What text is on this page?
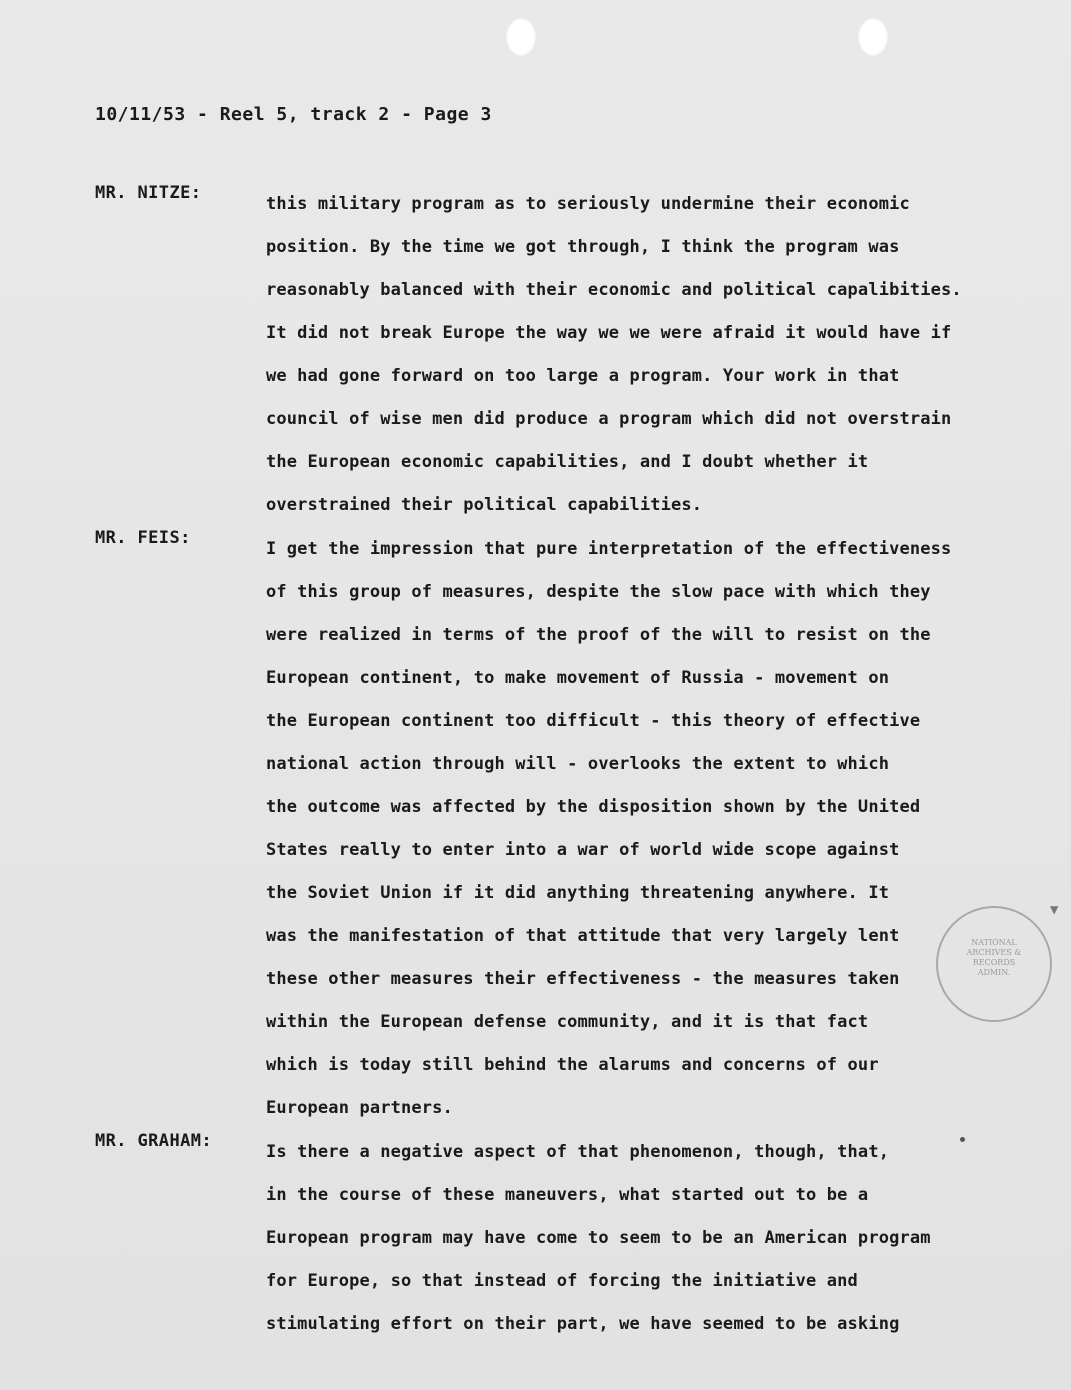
10/11/53 - Reel 5, track 2 - Page 3
MR. NITZE:
this military program as to seriously undermine their economic
position. By the time we got through, I think the program was
reasonably balanced with their economic and political capalibities.
It did not break Europe the way we we were afraid it would have if
we had gone forward on too large a program. Your work in that
council of wise men did produce a program which did not overstrain
the European economic capabilities, and I doubt whether it
overstrained their political capabilities.
MR. FEIS:
I get the impression that pure interpretation of the effectiveness
of this group of measures, despite the slow pace with which they
were realized in terms of the proof of the will to resist on the
European continent, to make movement of Russia - movement on
the European continent too difficult - this theory of effective
national action through will - overlooks the extent to which
the outcome was affected by the disposition shown by the United
States really to enter into a war of world wide scope against
the Soviet Union if it did anything threatening anywhere. It
was the manifestation of that attitude that very largely lent
these other measures their effectiveness - the measures taken
within the European defense community, and it is that fact
which is today still behind the alarums and concerns of our
European partners.
MR. GRAHAM:
Is there a negative aspect of that phenomenon, though, that,
in the course of these maneuvers, what started out to be a
European program may have come to seem to be an American program
for Europe, so that instead of forcing the initiative and
stimulating effort on their part, we have seemed to be asking
NATIONAL
ARCHIVES &
RECORDS
ADMIN.
▼
